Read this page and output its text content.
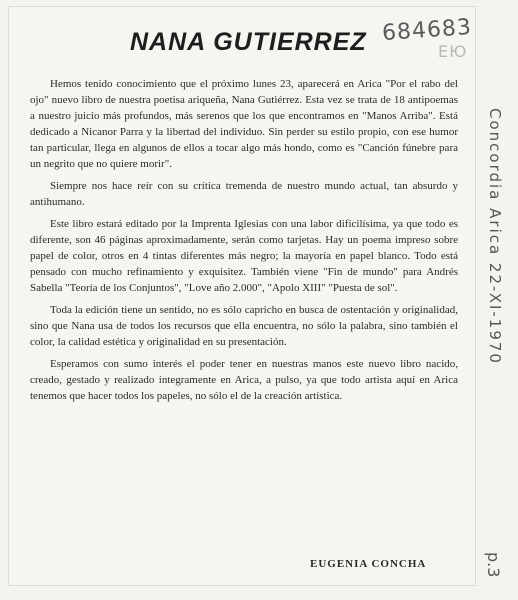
NANA GUTIERREZ 684683
ЕЮ

Hemos tenido conocimiento que el próximo lunes 23, aparecerá en Arica "Por el rabo del ojo" nuevo libro de nuestra poetisa ariqueña, Nana Gutiérrez. Esta vez se trata de 18 antipoemas a nuestro juicio más profundos, más serenos que los que encontramos en "Manos Arriba". Está dedicado a Nicanor Parra y la libertad del individuo. Sin perder su estilo propio, con ese humor tan particular, llega en algunos de ellos a tocar algo más hondo, como es "Canción fúnebre para un negrito que no quiere morir".

Siempre nos hace reír con su crítica tremenda de nuestro mundo actual, tan absurdo y antihumano.

Este libro estará editado por la Imprenta Iglesias con una labor dificilísima, ya que todo es diferente, son 46 páginas aproximadamente, serán como tarjetas. Hay un poema impreso sobre papel de color, otros en 4 tintas diferentes más negro; la mayoría en papel blanco. Todo está pensado con mucho refinamiento y exquisitez. También viene "Fin de mundo" para Andrés Sabella "Teoría de los Conjuntos", "Love año 2.000", "Apolo XIII" "Puesta de sol".

Toda la edición tiene un sentido, no es sólo capricho en busca de ostentación y originalidad, sino que Nana usa de todos los recursos que ella encuentra, no sólo la palabra, sino también el color, la calidad estética y originalidad en su presentación.

Esperamos con sumo interés el poder tener en nuestras manos este nuevo libro nacido, creado, gestado y realizado íntegramente en Arica, a pulso, ya que todo artista aquí en Arica tenemos que hacer todos los papeles, no sólo el de la creación artística.

EUGENIA CONCHA
Concordia Arica 22-XI-1970
p.3
